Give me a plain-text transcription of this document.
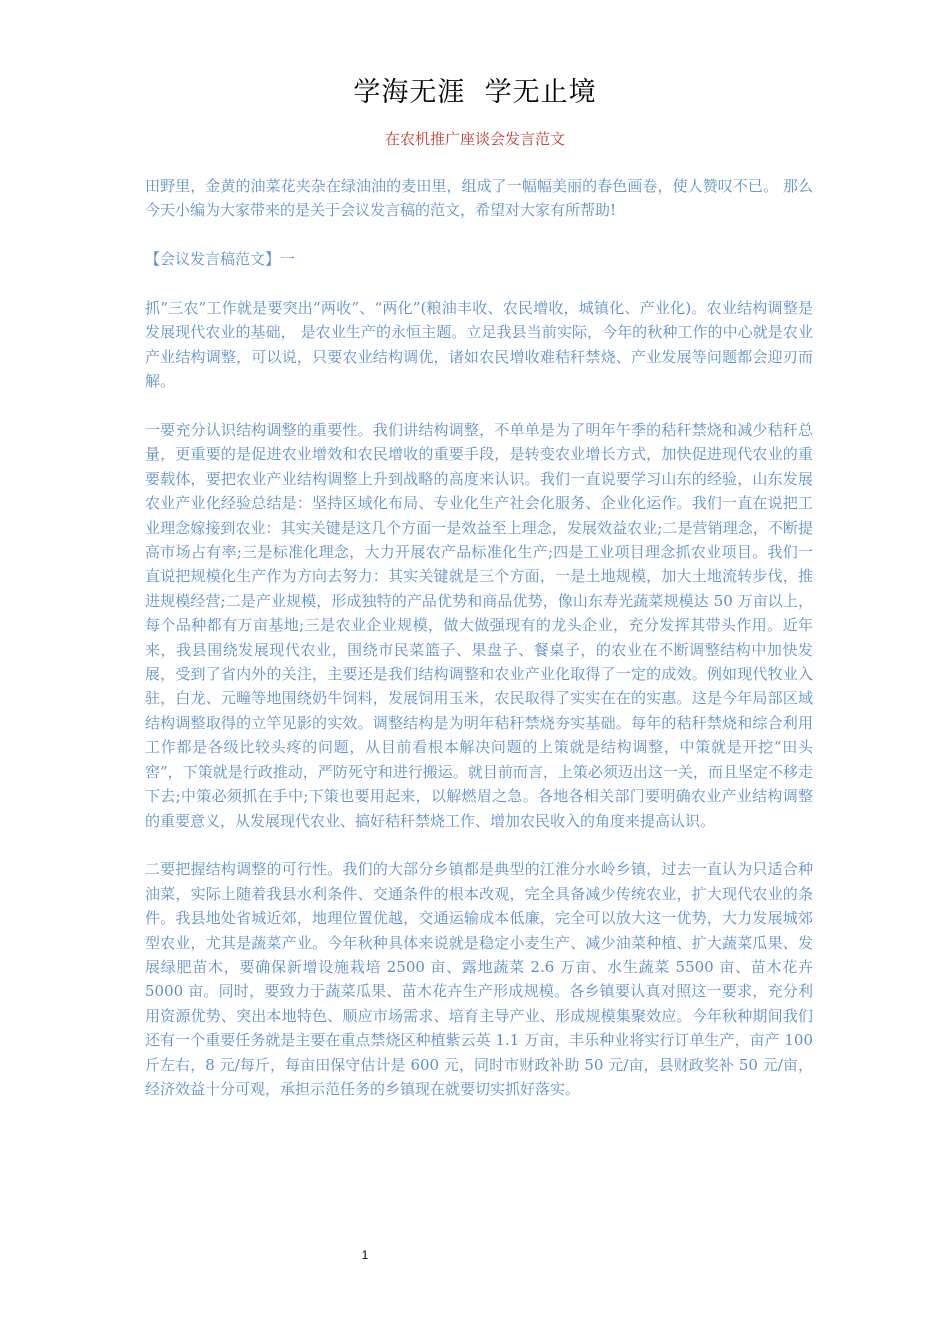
学海无涯  学无止境
在农机推广座谈会发言范文

田野里，金黄的油菜花夹杂在绿油油的麦田里，组成了一幅幅美丽的春色画卷，使人赞叹不已。 那么今天小编为大家带来的是关于会议发言稿的范文，希望对大家有所帮助!

【会议发言稿范文】一

抓“三农”工作就是要突出“两收”、“两化”(粮油丰收、农民增收，城镇化、产业化)。农业结构调整是发展现代农业的基础， 是农业生产的永恒主题。立足我县当前实际，今年的秋种工作的中心就是农业产业结构调整，可以说，只要农业结构调优，诸如农民增收难秸秆禁烧、产业发展等问题都会迎刃而解。

一要充分认识结构调整的重要性。我们讲结构调整，不单单是为了明年午季的秸秆禁烧和减少秸秆总量，更重要的是促进农业增效和农民增收的重要手段，是转变农业增长方式，加快促进现代农业的重要载体，要把农业产业结构调整上升到战略的高度来认识。我们一直说要学习山东的经验，山东发展农业产业化经验总结是：坚持区域化布局、专业化生产社会化服务、企业化运作。我们一直在说把工业理念嫁接到农业：其实关键是这几个方面一是效益至上理念，发展效益农业;二是营销理念，不断提高市场占有率;三是标准化理念，大力开展农产品标准化生产;四是工业项目理念抓农业项目。我们一直说把规模化生产作为方向去努力：其实关键就是三个方面，一是土地规模，加大土地流转步伐，推进规模经营;二是产业规模，形成独特的产品优势和商品优势，像山东寿光蔬菜规模达 50 万亩以上，每个品种都有万亩基地;三是农业企业规模，做大做强现有的龙头企业，充分发挥其带头作用。近年来，我县围绕发展现代农业，围绕市民菜篮子、果盘子、餐桌子，的农业在不断调整结构中加快发展，受到了省内外的关注，主要还是我们结构调整和农业产业化取得了一定的成效。例如现代牧业入驻，白龙、元疃等地围绕奶牛饲料，发展饲用玉米，农民取得了实实在在的实惠。这是今年局部区域结构调整取得的立竿见影的实效。调整结构是为明年秸秆禁烧夯实基础。每年的秸秆禁烧和综合利用工作都是各级比较头疼的问题，从目前看根本解决问题的上策就是结构调整，中策就是开挖“田头窖”，下策就是行政推动，严防死守和进行搬运。就目前而言，上策必须迈出这一关，而且坚定不移走下去;中策必须抓在手中;下策也要用起来，以解燃眉之急。各地各相关部门要明确农业产业结构调整的重要意义，从发展现代农业、搞好秸秆禁烧工作、增加农民收入的角度来提高认识。

二要把握结构调整的可行性。我们的大部分乡镇都是典型的江淮分水岭乡镇，过去一直认为只适合种油菜，实际上随着我县水利条件、交通条件的根本改观，完全具备减少传统农业，扩大现代农业的条件。我县地处省城近郊，地理位置优越，交通运输成本低廉，完全可以放大这一优势，大力发展城郊型农业，尤其是蔬菜产业。今年秋种具体来说就是稳定小麦生产、减少油菜种植、扩大蔬菜瓜果、发展绿肥苗木，要确保新增设施栽培 2500 亩、露地蔬菜 2.6 万亩、水生蔬菜 5500 亩、苗木花卉 5000 亩。同时，要致力于蔬菜瓜果、苗木花卉生产形成规模。各乡镇要认真对照这一要求，充分利用资源优势、突出本地特色、顺应市场需求、培育主导产业、形成规模集聚效应。今年秋种期间我们还有一个重要任务就是主要在重点禁烧区种植紫云英 1.1 万亩，丰乐种业将实行订单生产，亩产 100 斤左右，8 元/每斤，每亩田保守估计是 600 元，同时市财政补助 50 元/亩，县财政奖补 50 元/亩，经济效益十分可观，承担示范任务的乡镇现在就要切实抓好落实。

1
